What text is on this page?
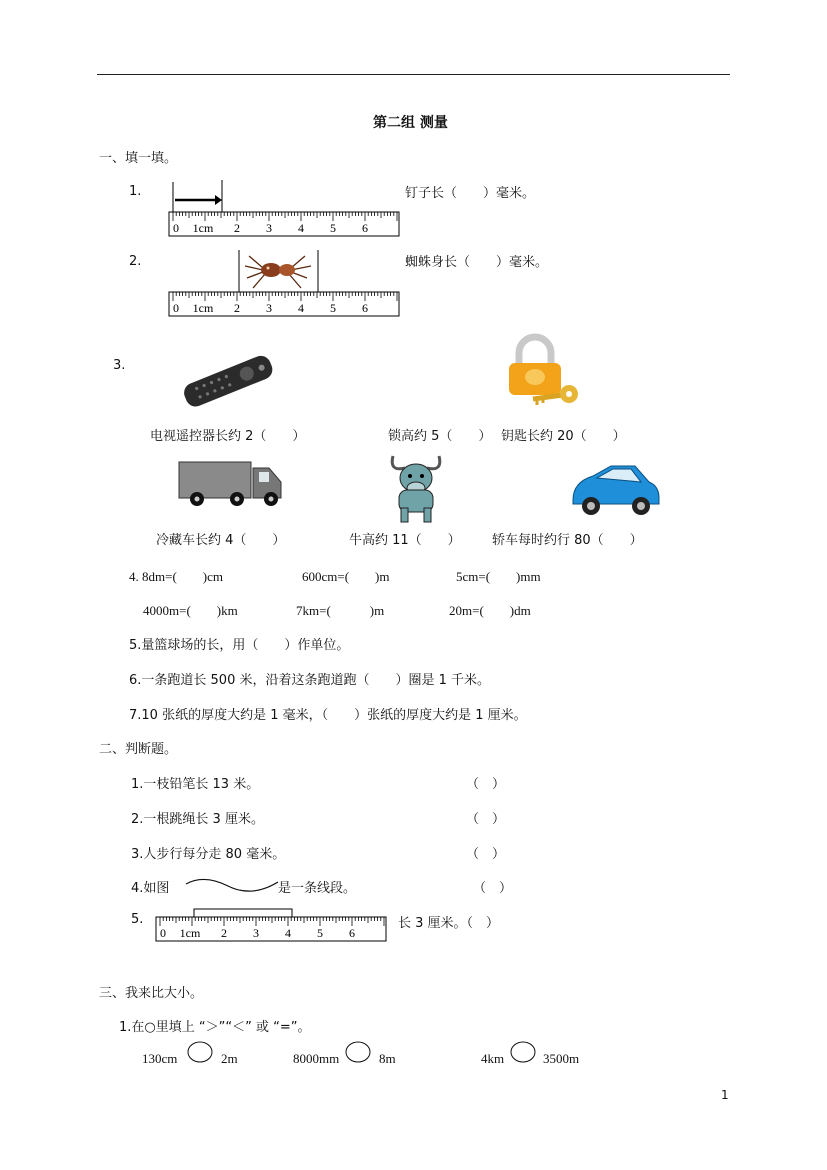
第二组 测量
一、填一填。
1.	钉子长（　　）毫米。
0 1cm 2 3 4 5 6
2.	蜘蛛身长（　　）毫米。
0 1cm 2 3 4 5 6
3.
电视遥控器长约 2（　　）	锁高约 5（　　） 钥匙长约 20（　　）
冷藏车长约 4（　　）	牛高约 11（　　） 轿车每时约行 80（　　）
4. 8dm=(　　)cm	600cm=(　　)m	5cm=(　　)mm
4000m=(　　)km	7km=(　　　)m	20m=(　　)dm
5.量篮球场的长，用（　　）作单位。
6.一条跑道长 500 米，沿着这条跑道跑（　　）圈是 1 千米。
7.10 张纸的厚度大约是 1 毫米，（　　）张纸的厚度大约是 1 厘米。
二、判断题。
1.一枝铅笔长 13 米。	（　）
2.一根跳绳长 3 厘米。	（　）
3.人步行每分走 80 毫米。	（　）
4.如图	是一条线段。	（　）
5.
0 1cm 2 3 4 5 6
长 3 厘米。（　）
三、我来比大小。
1.在○里填上 “＞”“＜” 或 “=”。
130cm	2m	8000mm	8m	4km	3500m
1
